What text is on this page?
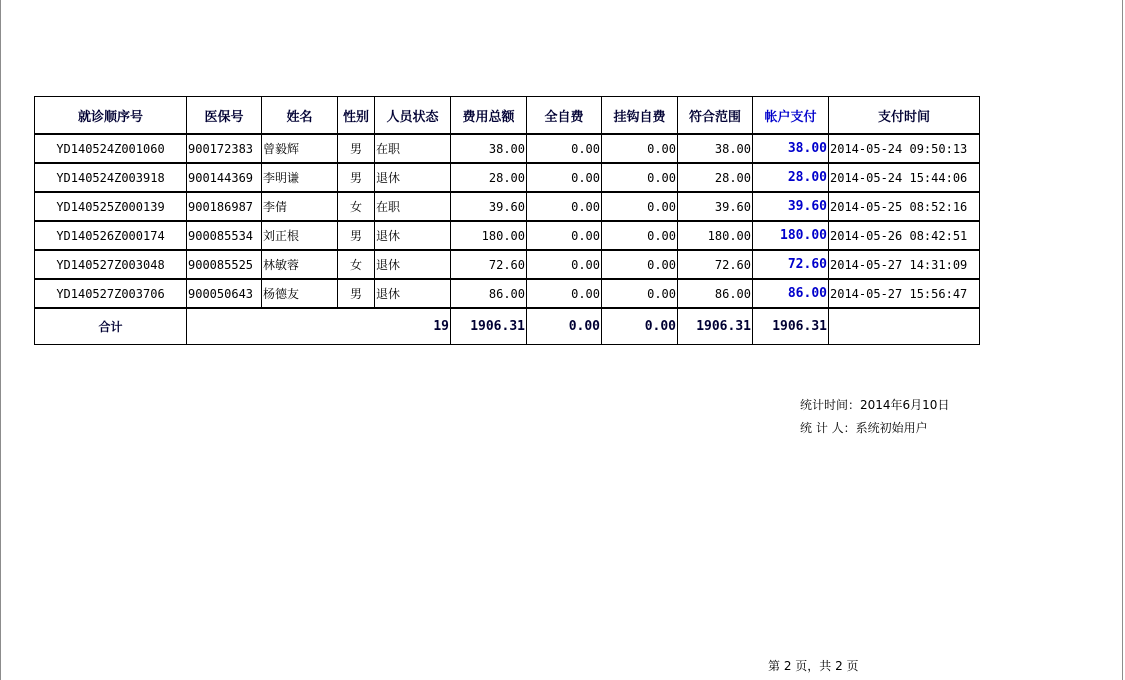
就诊顺序号	医保号	姓名	性别	人员状态	费用总额	全自费	挂钩自费	符合范围	帐户支付	支付时间
YD140524Z001060	900172383	曾毅辉	男	在职	38.00	0.00	0.00	38.00	38.00	2014-05-24 09:50:13
YD140524Z003918	900144369	李明谦	男	退休	28.00	0.00	0.00	28.00	28.00	2014-05-24 15:44:06
YD140525Z000139	900186987	李倩	女	在职	39.60	0.00	0.00	39.60	39.60	2014-05-25 08:52:16
YD140526Z000174	900085534	刘正根	男	退休	180.00	0.00	0.00	180.00	180.00	2014-05-26 08:42:51
YD140527Z003048	900085525	林敏蓉	女	退休	72.60	0.00	0.00	72.60	72.60	2014-05-27 14:31:09
YD140527Z003706	900050643	杨德友	男	退休	86.00	0.00	0.00	86.00	86.00	2014-05-27 15:56:47
合计	19				1906.31	0.00	0.00	1906.31	1906.31	
统计时间：2014年6月10日
统 计 人：系统初始用户
第 2 页，共 2 页
